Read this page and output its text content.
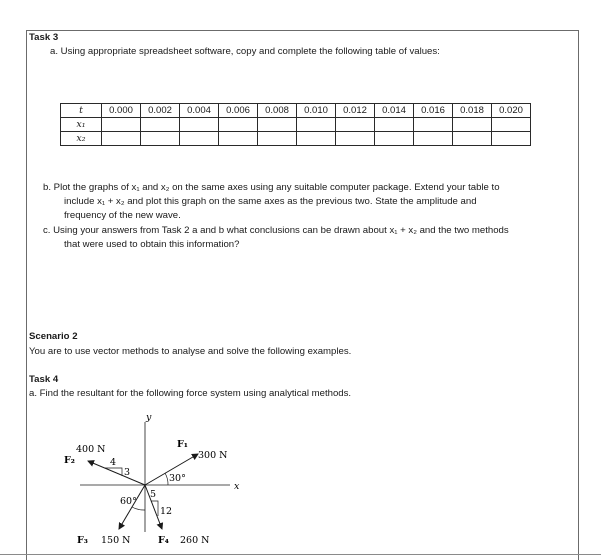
Task 3
a. Using appropriate spreadsheet software, copy and complete the following table of values:
t	0.000	0.002	0.004	0.006	0.008	0.010	0.012	0.014	0.016	0.018	0.020
x₁											
x₂											
b. Plot the graphs of x₁ and x₂ on the same axes using any suitable computer package. Extend your table to
include x₁ + x₂ and plot this graph on the same axes as the previous two. State the amplitude and
frequency of the new wave.
c. Using your answers from Task 2 a and b what conclusions can be drawn about x₁ + x₂ and the two methods
that were used to obtain this information?
Scenario 2
You are to use vector methods to analyse and solve the following examples.
Task 4
a. Find the resultant for the following force system using analytical methods.
y
x
F₁
300 N
30°
400 N
F₂	4
3
60°
F₃ 150 N
5
12
F₄ 260 N
